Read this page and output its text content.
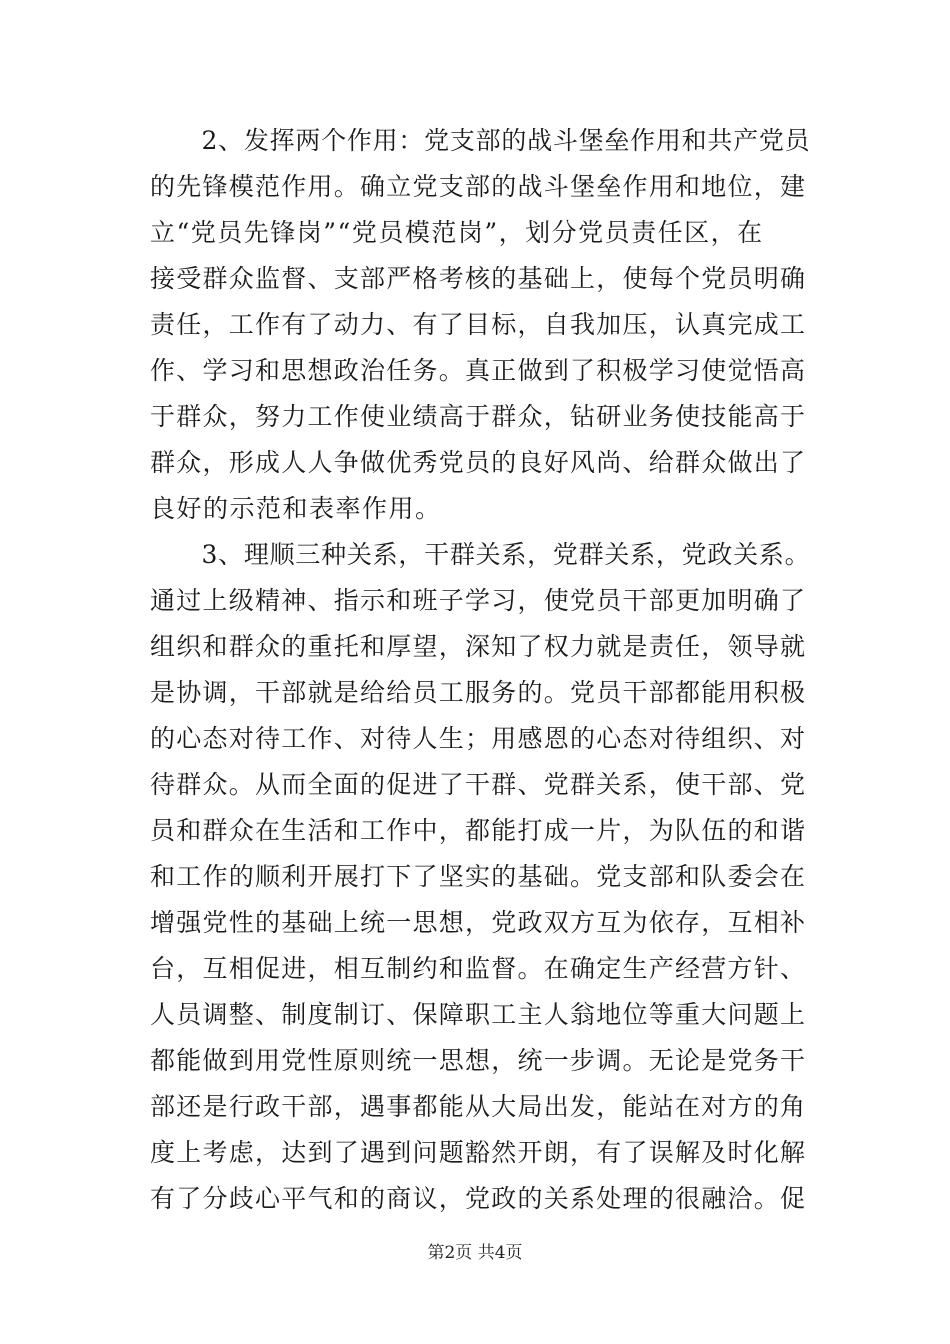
　　2、发挥两个作用：党支部的战斗堡垒作用和共产党员
的先锋模范作用。确立党支部的战斗堡垒作用和地位，建
立“党员先锋岗”“党员模范岗”，划分党员责任区，在
接受群众监督、支部严格考核的基础上，使每个党员明确
责任，工作有了动力、有了目标，自我加压，认真完成工
作、学习和思想政治任务。真正做到了积极学习使觉悟高
于群众，努力工作使业绩高于群众，钻研业务使技能高于
群众，形成人人争做优秀党员的良好风尚、给群众做出了
良好的示范和表率作用。
　　3、理顺三种关系，干群关系，党群关系，党政关系。
通过上级精神、指示和班子学习，使党员干部更加明确了
组织和群众的重托和厚望，深知了权力就是责任，领导就
是协调，干部就是给给员工服务的。党员干部都能用积极
的心态对待工作、对待人生；用感恩的心态对待组织、对
待群众。从而全面的促进了干群、党群关系，使干部、党
员和群众在生活和工作中，都能打成一片，为队伍的和谐
和工作的顺利开展打下了坚实的基础。党支部和队委会在
增强党性的基础上统一思想，党政双方互为依存，互相补
台，互相促进，相互制约和监督。在确定生产经营方针、
人员调整、制度制订、保障职工主人翁地位等重大问题上
都能做到用党性原则统一思想，统一步调。无论是党务干
部还是行政干部，遇事都能从大局出发，能站在对方的角
度上考虑，达到了遇到问题豁然开朗，有了误解及时化解
有了分歧心平气和的商议，党政的关系处理的很融洽。促
第2页 共4页
